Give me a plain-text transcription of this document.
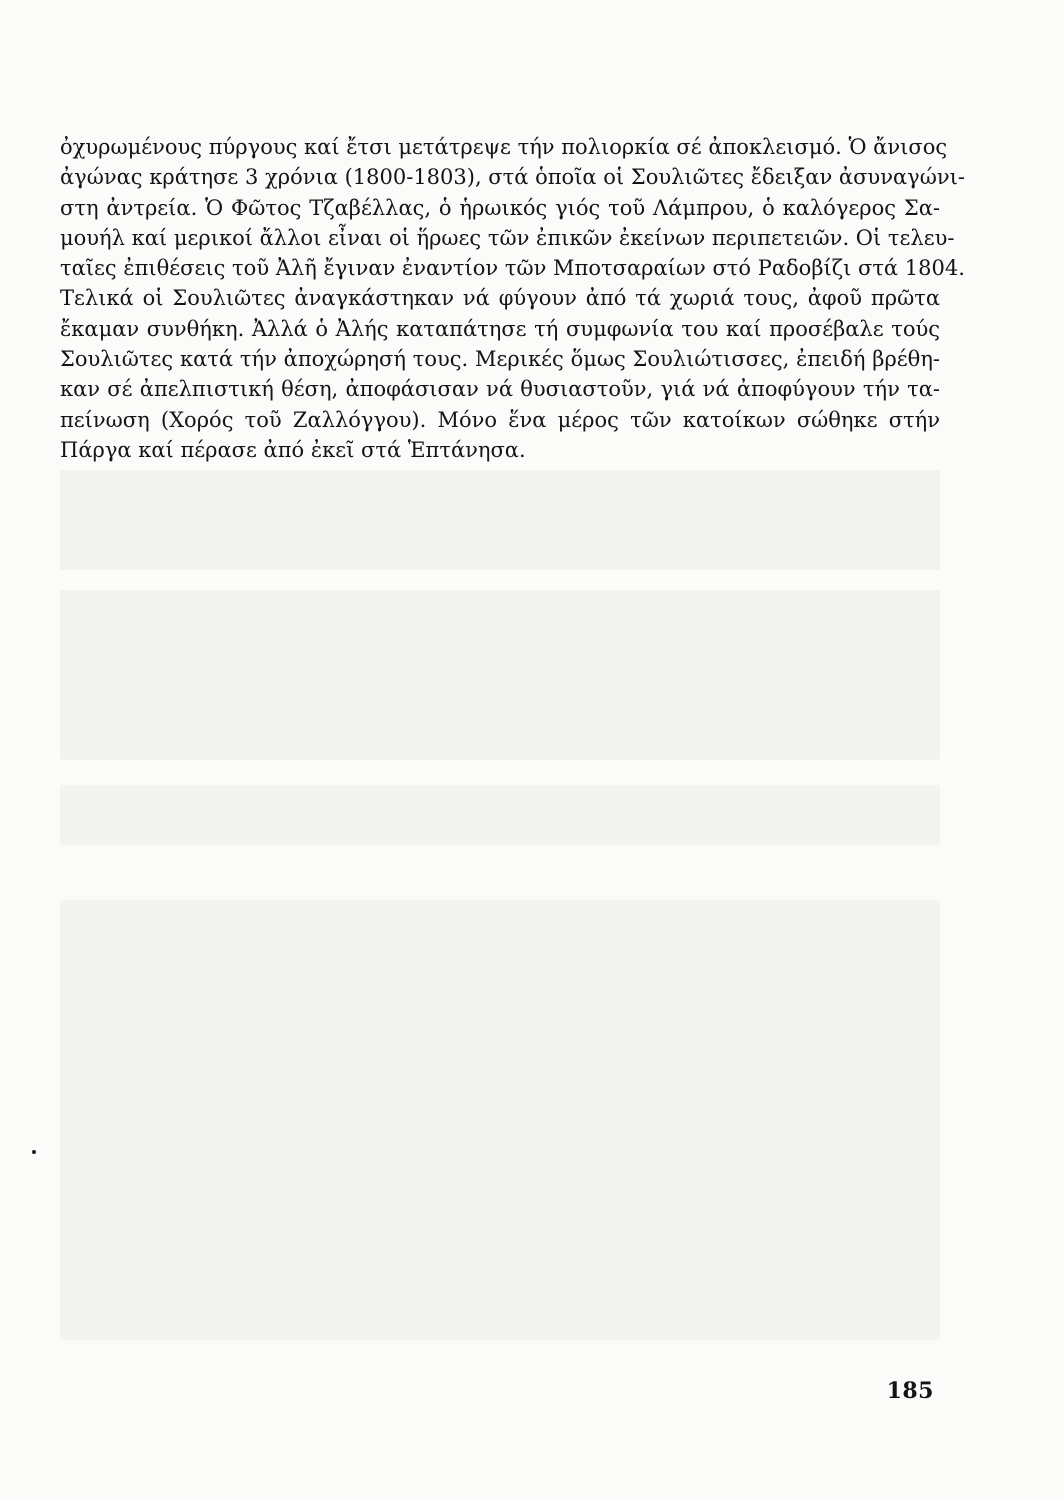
ὀχυρωμένους πύργους καί ἔτσι μετάτρεψε τήν πολιορκία σέ ἀποκλεισμό. Ὁ ἄνισος
ἀγώνας κράτησε 3 χρόνια (1800-1803), στά ὁποῖα οἱ Σουλιῶτες ἔδειξαν ἀσυναγώνι-
στη ἀντρεία. Ὁ Φῶτος Τζαβέλλας, ὁ ἡρωικός γιός τοῦ Λάμπρου, ὁ καλόγερος Σα-
μουήλ καί μερικοί ἄλλοι εἶναι οἱ ἥρωες τῶν ἐπικῶν ἐκείνων περιπετειῶν. Οἱ τελευ-
ταῖες ἐπιθέσεις τοῦ Ἀλῆ ἔγιναν ἐναντίον τῶν Μποτσαραίων στό Ραδοβίζι στά 1804.
Τελικά οἱ Σουλιῶτες ἀναγκάστηκαν νά φύγουν ἀπό τά χωριά τους, ἀφοῦ πρῶτα
ἔκαμαν συνθήκη. Ἀλλά ὁ Ἀλής καταπάτησε τή συμφωνία του καί προσέβαλε τούς
Σουλιῶτες κατά τήν ἀποχώρησή τους. Μερικές ὅμως Σουλιώτισσες, ἐπειδή βρέθη-
καν σέ ἀπελπιστική θέση, ἀποφάσισαν νά θυσιαστοῦν, γιά νά ἀποφύγουν τήν τα-
πείνωση (Χορός τοῦ Ζαλλόγγου). Μόνο ἕνα μέρος τῶν κατοίκων σώθηκε στήν
Πάργα καί πέρασε ἀπό ἐκεῖ στά Ἑπτάνησα.

185
